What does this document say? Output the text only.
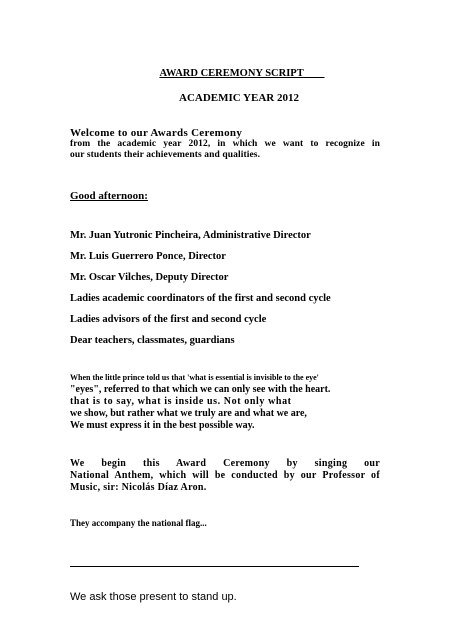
AWARD CEREMONY SCRIPT
ACADEMIC YEAR 2012
Welcome to our Awards Ceremony
from the academic year 2012, in which we want to recognize in
our students their achievements and qualities.
Good afternoon:
Mr. Juan Yutronic Pincheira, Administrative Director
Mr. Luis Guerrero Ponce, Director
Mr. Oscar Vilches, Deputy Director
Ladies academic coordinators of the first and second cycle
Ladies advisors of the first and second cycle
Dear teachers, classmates, guardians
When the little prince told us that 'what is essential is invisible to the eye'
"eyes", referred to that which we can only see with the heart.
that is to say, what is inside us. Not only what
we show, but rather what we truly are and what we are,
We must express it in the best possible way.
We begin this Award Ceremony by singing our
National Anthem, which will be conducted by our Professor of
Music, sir: Nicolás Díaz Aron.
They accompany the national flag...
We ask those present to stand up.
